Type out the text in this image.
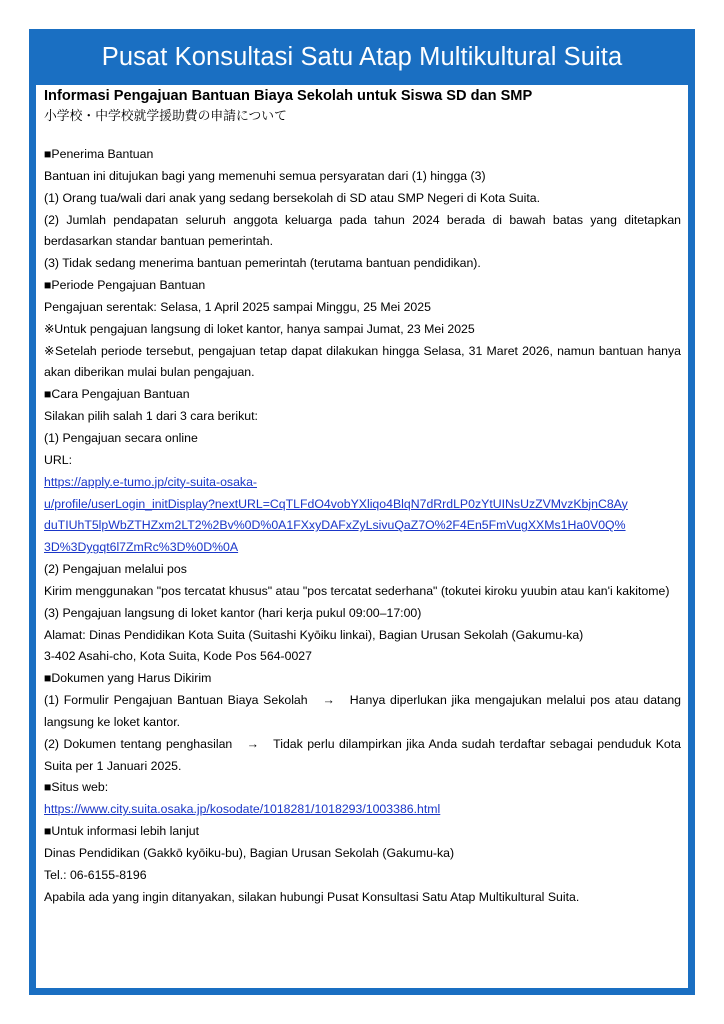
Pusat Konsultasi Satu Atap Multikultural Suita

Informasi Pengajuan Bantuan Biaya Sekolah untuk Siswa SD dan SMP

小学校・中学校就学援助費の申請について

■Penerima Bantuan

Bantuan ini ditujukan bagi yang memenuhi semua persyaratan dari (1) hingga (3)

(1) Orang tua/wali dari anak yang sedang bersekolah di SD atau SMP Negeri di Kota Suita.

(2) Jumlah pendapatan seluruh anggota keluarga pada tahun 2024 berada di bawah batas yang ditetapkan berdasarkan standar bantuan pemerintah.

(3) Tidak sedang menerima bantuan pemerintah (terutama bantuan pendidikan).

■Periode Pengajuan Bantuan

Pengajuan serentak: Selasa, 1 April 2025 sampai Minggu, 25 Mei 2025

※Untuk pengajuan langsung di loket kantor, hanya sampai Jumat, 23 Mei 2025

※Setelah periode tersebut, pengajuan tetap dapat dilakukan hingga Selasa, 31 Maret 2026, namun bantuan hanya akan diberikan mulai bulan pengajuan.

■Cara Pengajuan Bantuan

Silakan pilih salah 1 dari 3 cara berikut:

(1) Pengajuan secara online

URL:

https://apply.e-tumo.jp/city-suita-osaka-
u/profile/userLogin_initDisplay?nextURL=CqTLFdO4vobYXliqo4BlqN7dRrdLP0zYtUINsUzZVMvzKbjnC8Ay
duTIUhT5lpWbZTHZxm2LT2%2Bv%0D%0A1FXxyDAFxZyLsivuQaZ7O%2F4En5FmVugXXMs1Ha0V0Q%
3D%3Dygqt6l7ZmRc%3D%0D%0A

(2) Pengajuan melalui pos

Kirim menggunakan "pos tercatat khusus" atau "pos tercatat sederhana" (tokutei kiroku yuubin atau kan'i kakitome)

(3) Pengajuan langsung di loket kantor (hari kerja pukul 09:00–17:00)

Alamat: Dinas Pendidikan Kota Suita (Suitashi Kyōiku linkai), Bagian Urusan Sekolah (Gakumu-ka)

3-402 Asahi-cho, Kota Suita, Kode Pos 564-0027

■Dokumen yang Harus Dikirim

(1) Formulir Pengajuan Bantuan Biaya Sekolah　→　Hanya diperlukan jika mengajukan melalui pos atau datang langsung ke loket kantor.

(2) Dokumen tentang penghasilan　→　Tidak perlu dilampirkan jika Anda sudah terdaftar sebagai penduduk Kota Suita per 1 Januari 2025.

■Situs web:

https://www.city.suita.osaka.jp/kosodate/1018281/1018293/1003386.html

■Untuk informasi lebih lanjut

Dinas Pendidikan (Gakkō kyōiku-bu), Bagian Urusan Sekolah (Gakumu-ka)

Tel.: 06-6155-8196

Apabila ada yang ingin ditanyakan, silakan hubungi Pusat Konsultasi Satu Atap Multikultural Suita.
